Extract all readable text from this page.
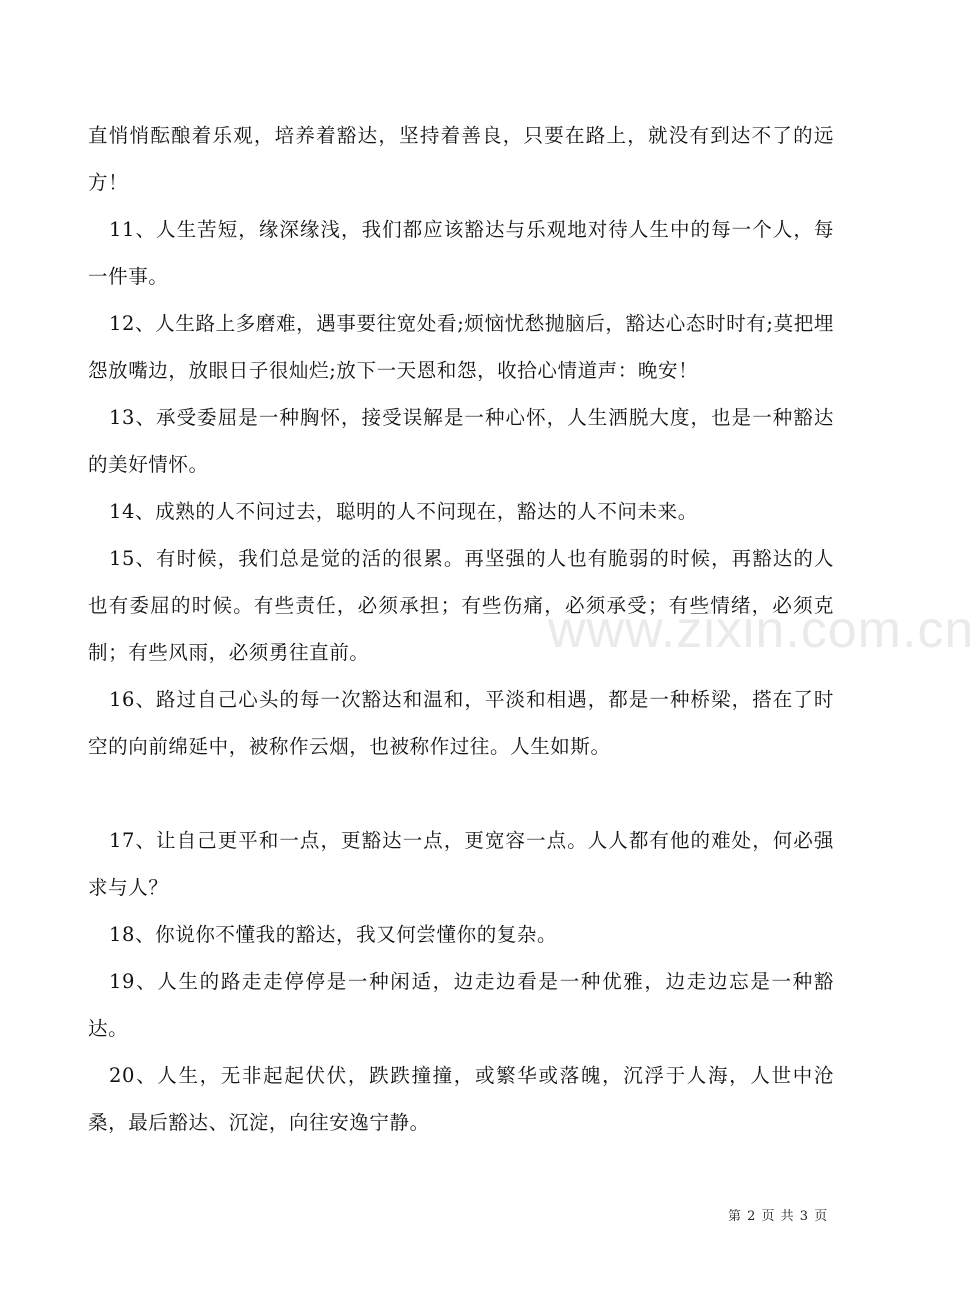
直悄悄酝酿着乐观，培养着豁达，坚持着善良，只要在路上，就没有到达不了的远方！

11、人生苦短，缘深缘浅，我们都应该豁达与乐观地对待人生中的每一个人，每一件事。

12、人生路上多磨难，遇事要往宽处看;烦恼忧愁抛脑后，豁达心态时时有;莫把埋怨放嘴边，放眼日子很灿烂;放下一天恩和怨，收拾心情道声：晚安！

13、承受委屈是一种胸怀，接受误解是一种心怀，人生洒脱大度，也是一种豁达的美好情怀。

14、成熟的人不问过去，聪明的人不问现在，豁达的人不问未来。

15、有时候，我们总是觉的活的很累。再坚强的人也有脆弱的时候，再豁达的人也有委屈的时候。有些责任，必须承担；有些伤痛，必须承受；有些情绪，必须克制；有些风雨，必须勇往直前。

16、路过自己心头的每一次豁达和温和，平淡和相遇，都是一种桥梁，搭在了时空的向前绵延中，被称作云烟，也被称作过往。人生如斯。

17、让自己更平和一点，更豁达一点，更宽容一点。人人都有他的难处，何必强求与人？

18、你说你不懂我的豁达，我又何尝懂你的复杂。

19、人生的路走走停停是一种闲适，边走边看是一种优雅，边走边忘是一种豁达。

20、人生，无非起起伏伏，跌跌撞撞，或繁华或落魄，沉浮于人海，人世中沧桑，最后豁达、沉淀，向往安逸宁静。

www.zixin.com.cn
第 2 页 共 3 页
